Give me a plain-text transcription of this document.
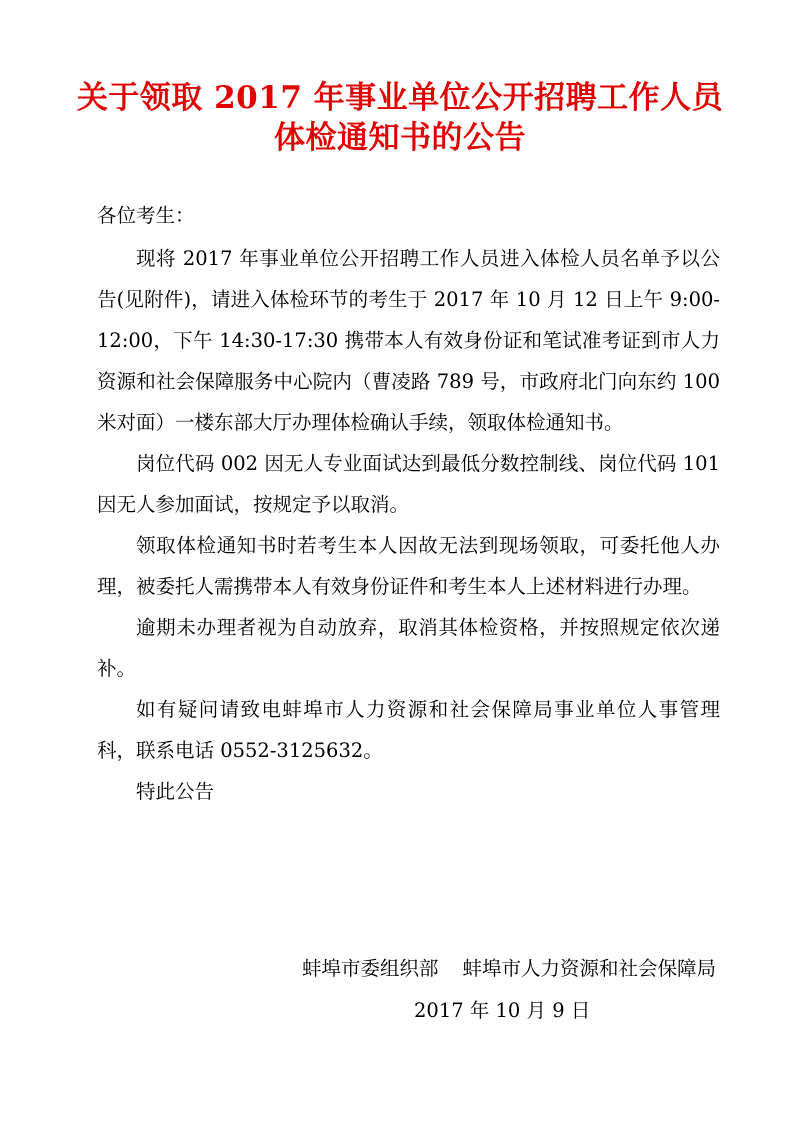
关于领取 2017 年事业单位公开招聘工作人员
体检通知书的公告

各位考生：

现将 2017 年事业单位公开招聘工作人员进入体检人员名单予以公告(见附件)，请进入体检环节的考生于 2017 年 10 月 12 日上午 9:00-12:00，下午 14:30-17:30 携带本人有效身份证和笔试准考证到市人力资源和社会保障服务中心院内（曹凌路 789 号，市政府北门向东约 100 米对面）一楼东部大厅办理体检确认手续，领取体检通知书。

岗位代码 002 因无人专业面试达到最低分数控制线、岗位代码 101 因无人参加面试，按规定予以取消。

领取体检通知书时若考生本人因故无法到现场领取，可委托他人办理，被委托人需携带本人有效身份证件和考生本人上述材料进行办理。

逾期未办理者视为自动放弃，取消其体检资格，并按照规定依次递补。

如有疑问请致电蚌埠市人力资源和社会保障局事业单位人事管理科，联系电话 0552-3125632。

特此公告

蚌埠市委组织部 蚌埠市人力资源和社会保障局

2017 年 10 月 9 日
